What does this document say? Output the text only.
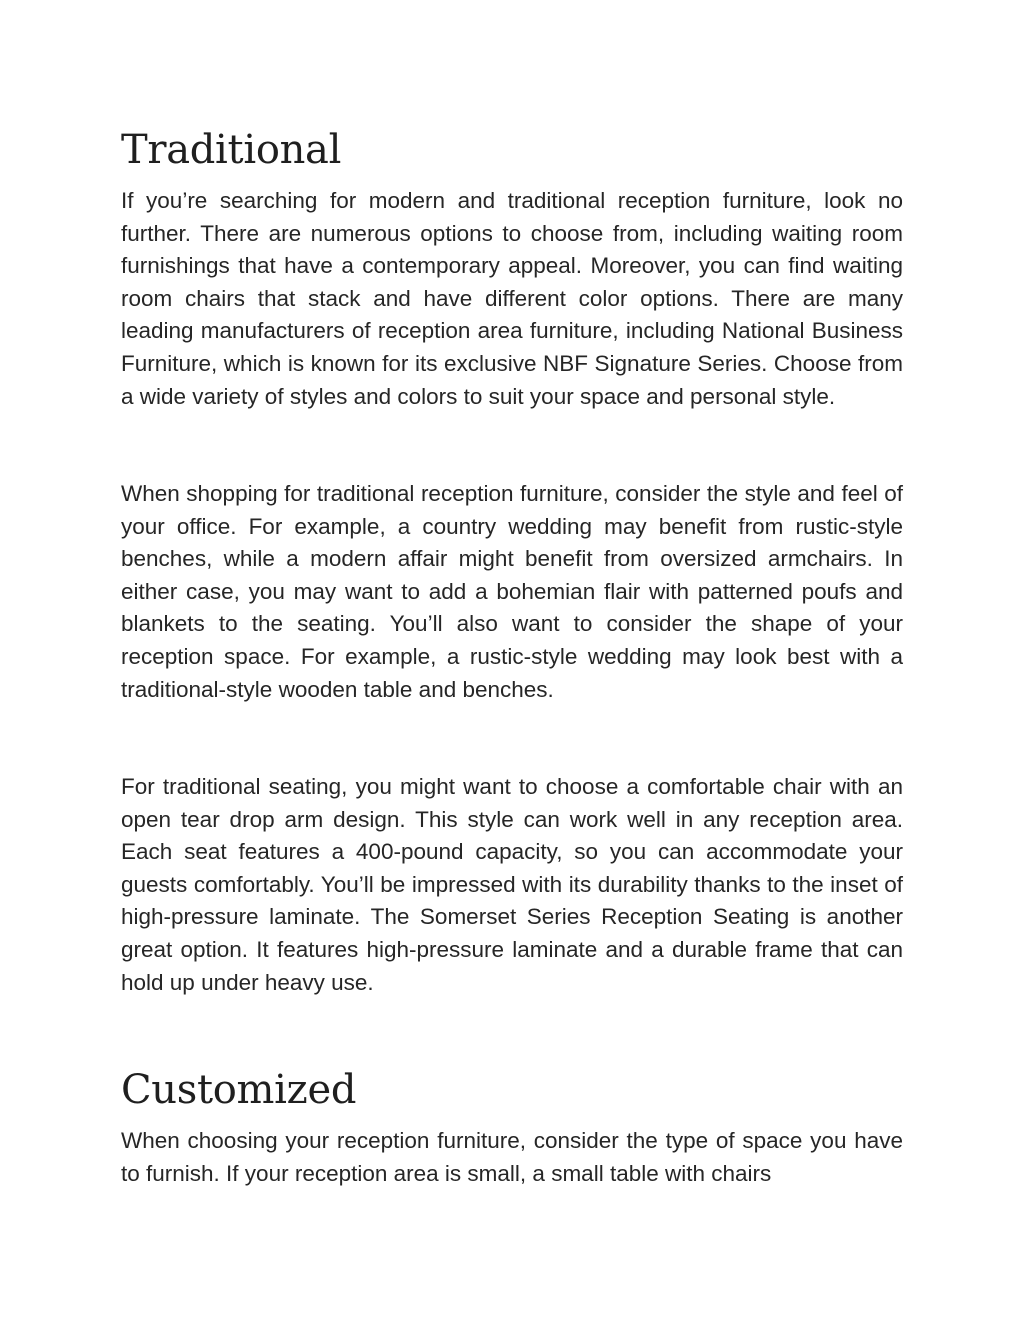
Traditional

If you’re searching for modern and traditional reception furniture, look no further. There are numerous options to choose from, including waiting room furnishings that have a contemporary appeal. Moreover, you can find waiting room chairs that stack and have different color options. There are many leading manufacturers of reception area furniture, including National Business Furniture, which is known for its exclusive NBF Signature Series. Choose from a wide variety of styles and colors to suit your space and personal style.

When shopping for traditional reception furniture, consider the style and feel of your office. For example, a country wedding may benefit from rustic-style benches, while a modern affair might benefit from oversized armchairs. In either case, you may want to add a bohemian flair with patterned poufs and blankets to the seating. You’ll also want to consider the shape of your reception space. For example, a rustic-style wedding may look best with a traditional-style wooden table and benches.

For traditional seating, you might want to choose a comfortable chair with an open tear drop arm design. This style can work well in any reception area. Each seat features a 400-pound capacity, so you can accommodate your guests comfortably. You’ll be impressed with its durability thanks to the inset of high-pressure laminate. The Somerset Series Reception Seating is another great option. It features high-pressure laminate and a durable frame that can hold up under heavy use.

Customized

When choosing your reception furniture, consider the type of space you have to furnish. If your reception area is small, a small table with chairs
